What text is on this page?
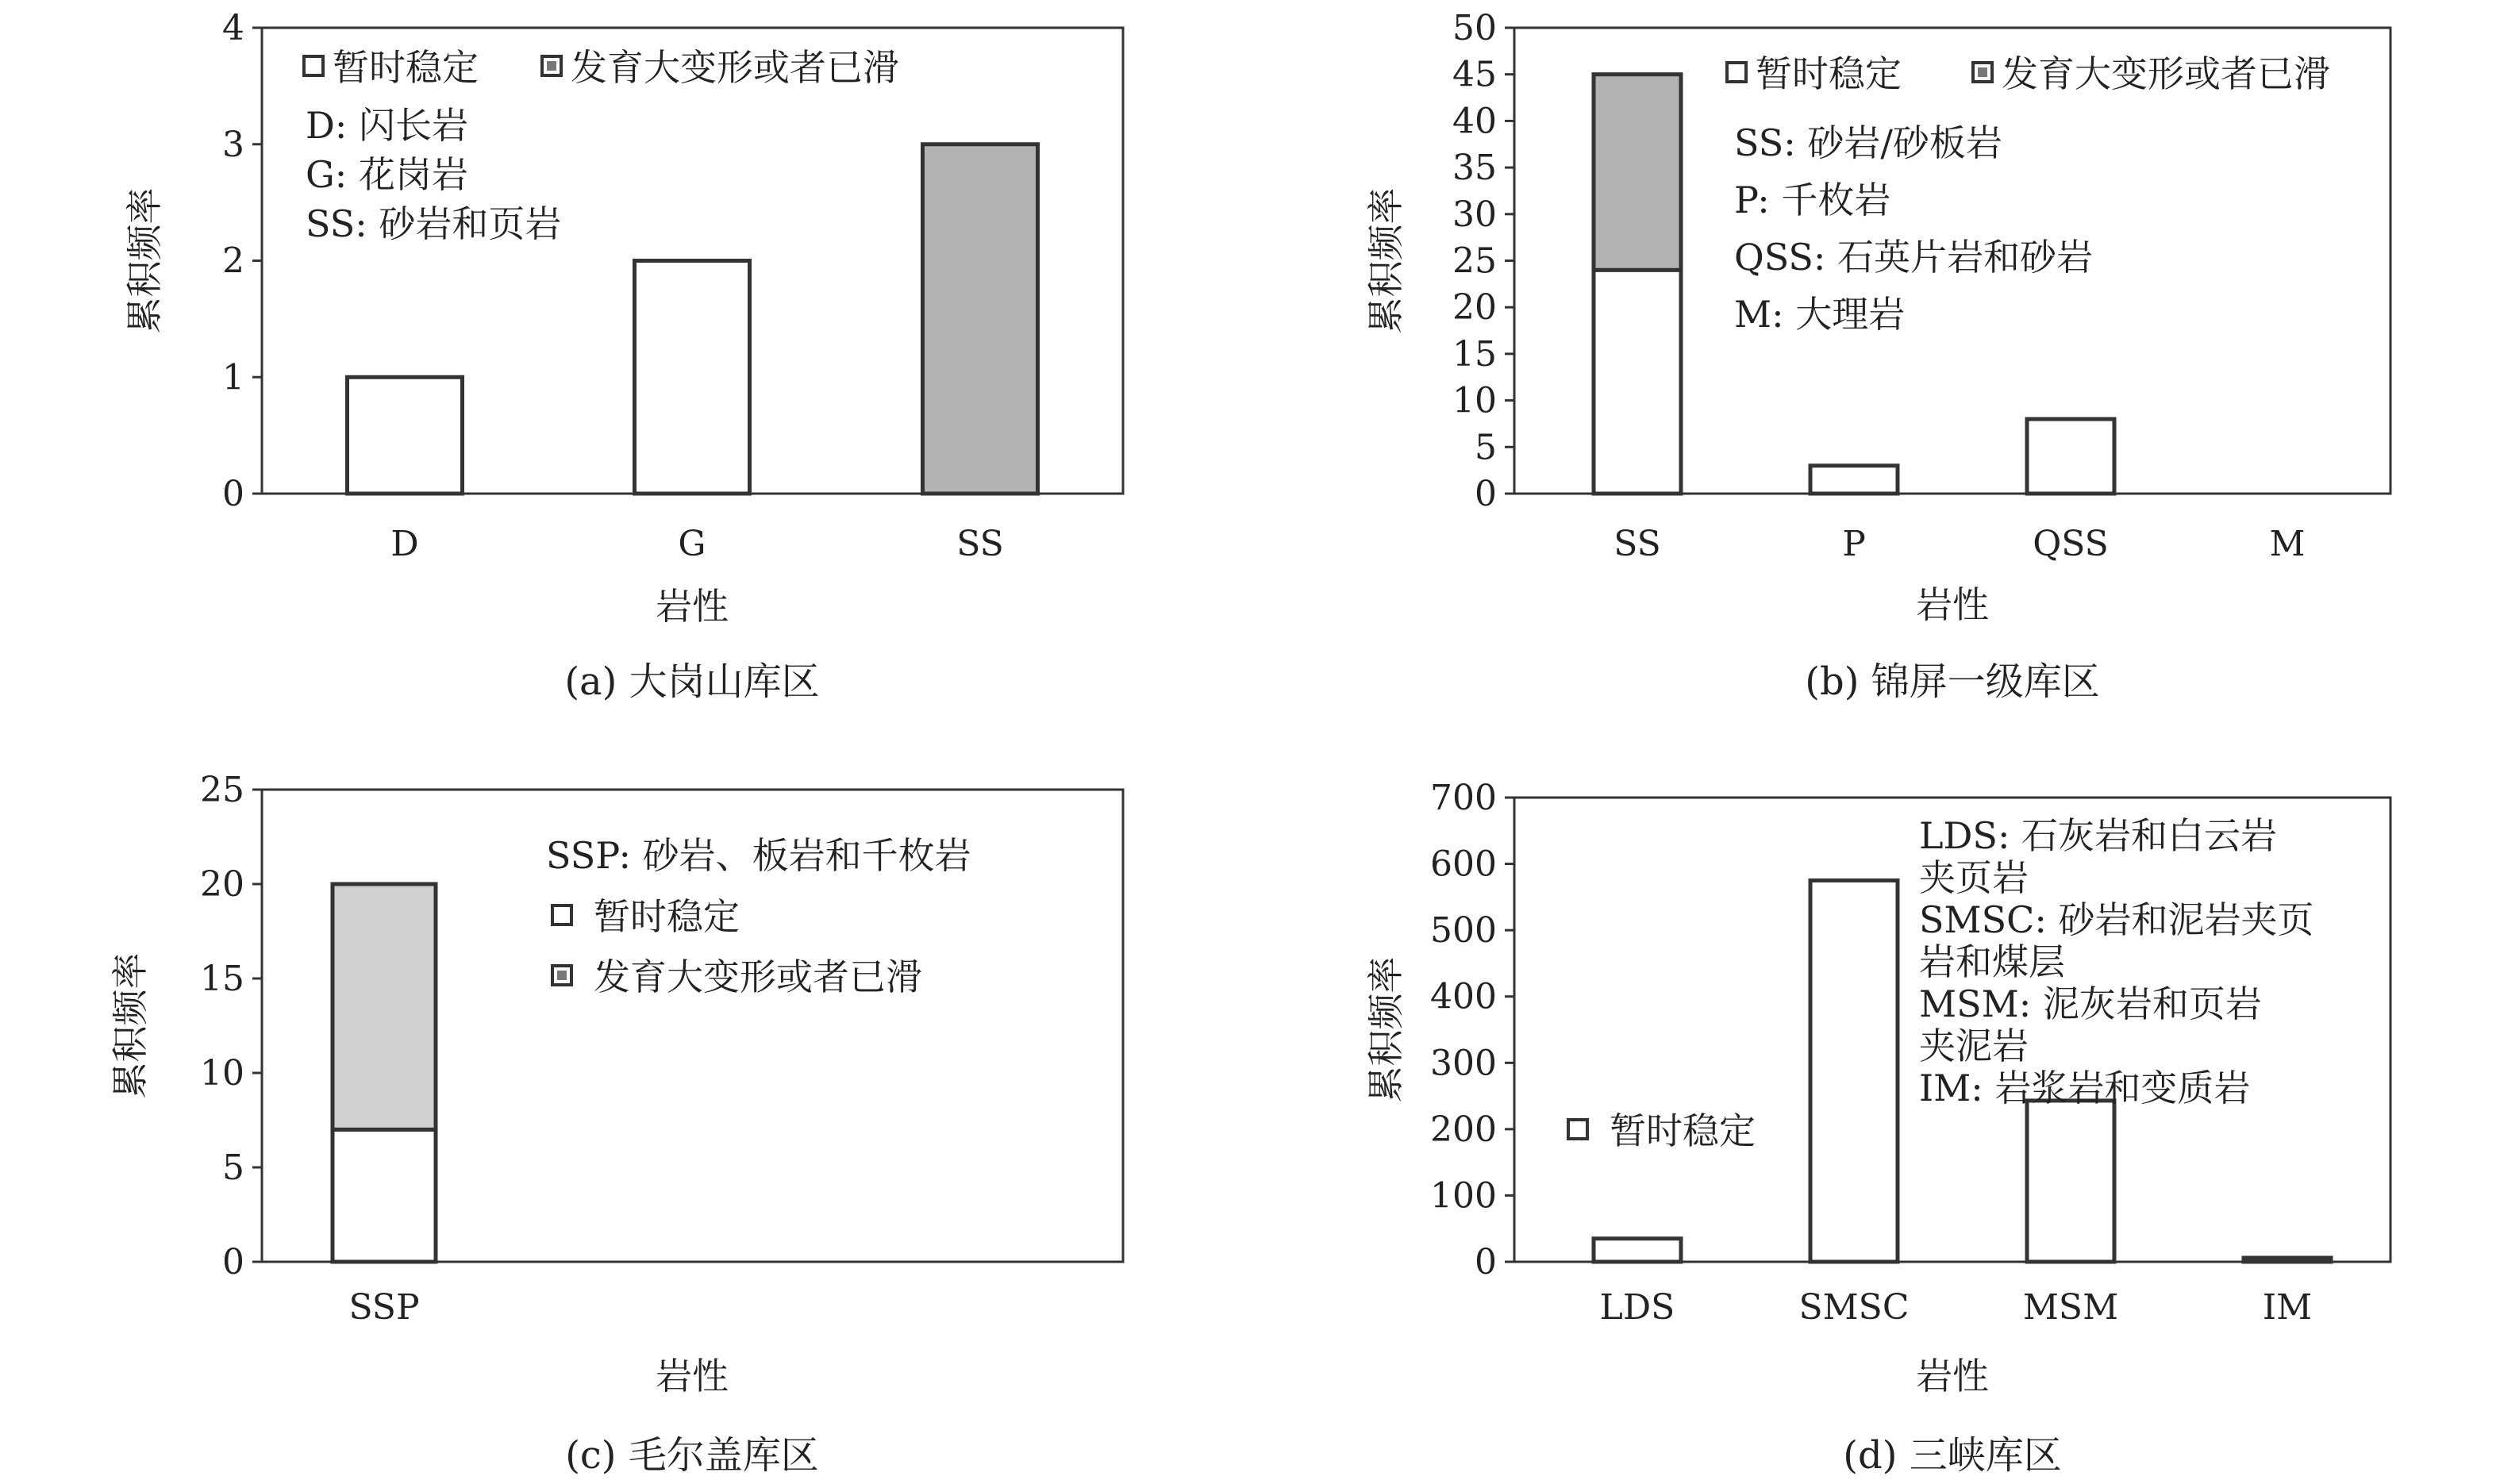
0
1
2
3
4
D	G	SS
岩性
累积频率
(a) 大岗山库区
暂时稳定	发育大变形或者已滑
D: 闪长岩
G: 花岗岩
SS: 砂岩和页岩
0
5
10
15
20
25
30
35
40
45
50
SS	P	QSS	M
岩性
累积频率
(b) 锦屏一级库区
暂时稳定	发育大变形或者已滑
SS: 砂岩/砂板岩
P: 千枚岩
QSS: 石英片岩和砂岩
M: 大理岩
0
5
10
15
20
25
SSP
岩性
累积频率
(c) 毛尔盖库区
暂时稳定
发育大变形或者已滑
SSP: 砂岩、板岩和千枚岩
0
100
200
300
400
500
600
700
LDS	SMSC	MSM	IM
岩性
累积频率
(d) 三峡库区
暂时稳定
LDS: 石灰岩和白云岩
夹页岩
SMSC: 砂岩和泥岩夹页
岩和煤层
MSM: 泥灰岩和页岩
夹泥岩
IM: 岩浆岩和变质岩
